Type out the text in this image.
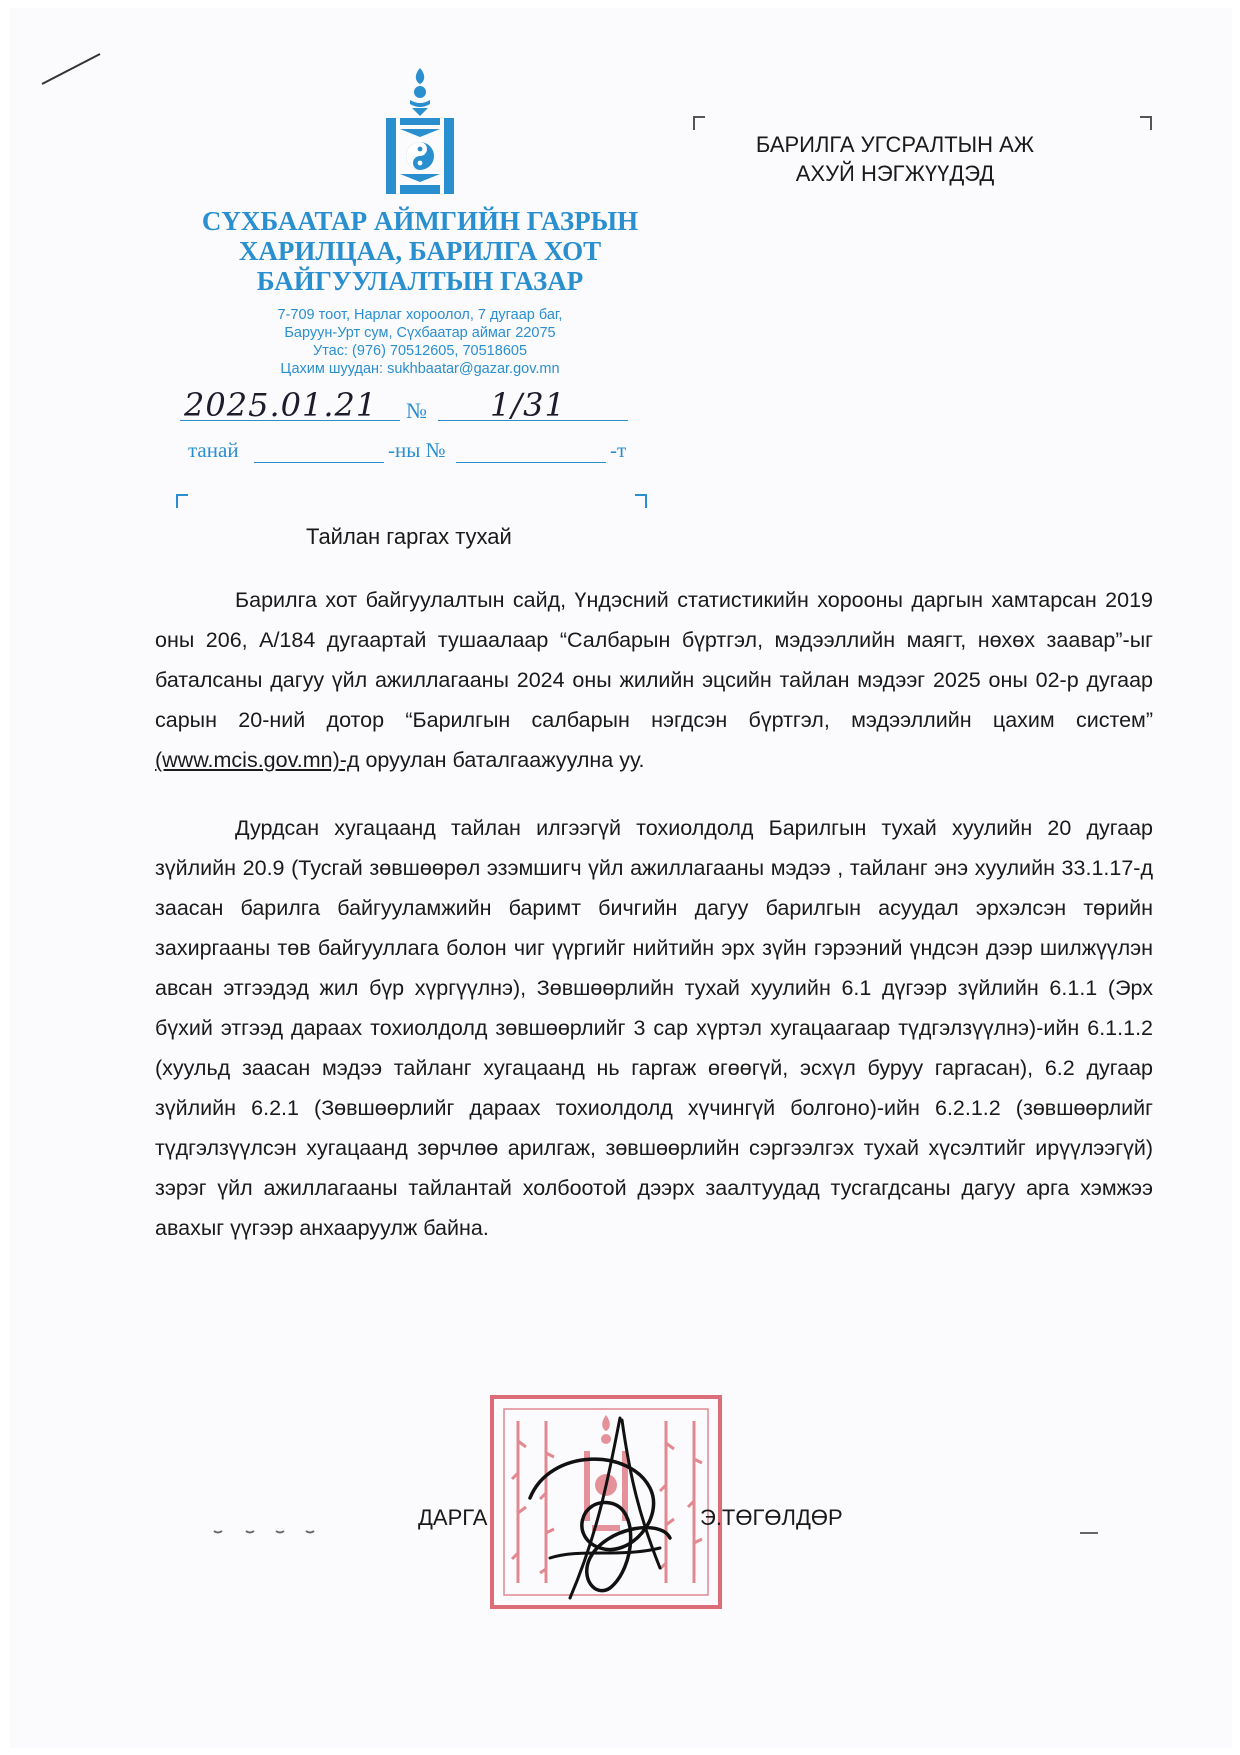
СҮХБААТАР АЙМГИЙН ГАЗРЫН
ХАРИЛЦАА, БАРИЛГА ХОТ
БАЙГУУЛАЛТЫН ГАЗАР
7-709 тоот, Нарлаг хороолол, 7 дугаар баг,
Баруун-Урт сум, Сүхбаатар аймаг 22075
Утас: (976) 70512605, 70518605
Цахим шуудан: sukhbaatar@gazar.gov.mn
2025.01.21 № 1/31
танай	-ны №	-т
БАРИЛГА УГСРАЛТЫН АЖ
АХУЙ НЭГЖҮҮДЭД
Тайлан гаргах тухай

Барилга хот байгуулалтын сайд, Үндэсний статистикийн хорооны даргын хамтарсан 2019 оны 206, А/184 дугаартай тушаалаар “Салбарын бүртгэл, мэдээллийн маягт, нөхөх заавар”-ыг баталсаны дагуу үйл ажиллагааны 2024 оны жилийн эцсийн тайлан мэдээг 2025 оны 02-р дугаар сарын 20-ний дотор “Барилгын салбарын нэгдсэн бүртгэл, мэдээллийн цахим систем” (www.mcis.gov.mn)-д оруулан баталгаажуулна уу.

Дурдсан хугацаанд тайлан илгээгүй тохиолдолд Барилгын тухай хуулийн 20 дугаар зүйлийн 20.9 (Тусгай зөвшөөрөл эзэмшигч үйл ажиллагааны мэдээ , тайланг энэ хуулийн 33.1.17-д заасан барилга байгууламжийн баримт бичгийн дагуу барилгын асуудал эрхэлсэн төрийн захиргааны төв байгууллага болон чиг үүргийг нийтийн эрх зүйн гэрээний үндсэн дээр шилжүүлэн авсан этгээдэд жил бүр хүргүүлнэ), Зөвшөөрлийн тухай хуулийн 6.1 дүгээр зүйлийн 6.1.1 (Эрх бүхий этгээд дараах тохиолдолд зөвшөөрлийг 3 сар хүртэл хугацаагаар түдгэлзүүлнэ)-ийн 6.1.1.2 (хуульд заасан мэдээ тайланг хугацаанд нь гаргаж өгөөгүй, эсхүл буруу гаргасан), 6.2 дугаар зүйлийн 6.2.1 (Зөвшөөрлийг дараах тохиолдолд хүчингүй болгоно)-ийн 6.2.1.2 (зөвшөөрлийг түдгэлзүүлсэн хугацаанд зөрчлөө арилгаж, зөвшөөрлийн сэргээлгэх тухай хүсэлтийг ирүүлээгүй) зэрэг үйл ажиллагааны тайлантай холбоотой дээрх заалтуудад тусгагдсаны дагуу арга хэмжээ авахыг үүгээр анхааруулж байна.

ДАРГА	Э.ТӨГӨЛДӨР
